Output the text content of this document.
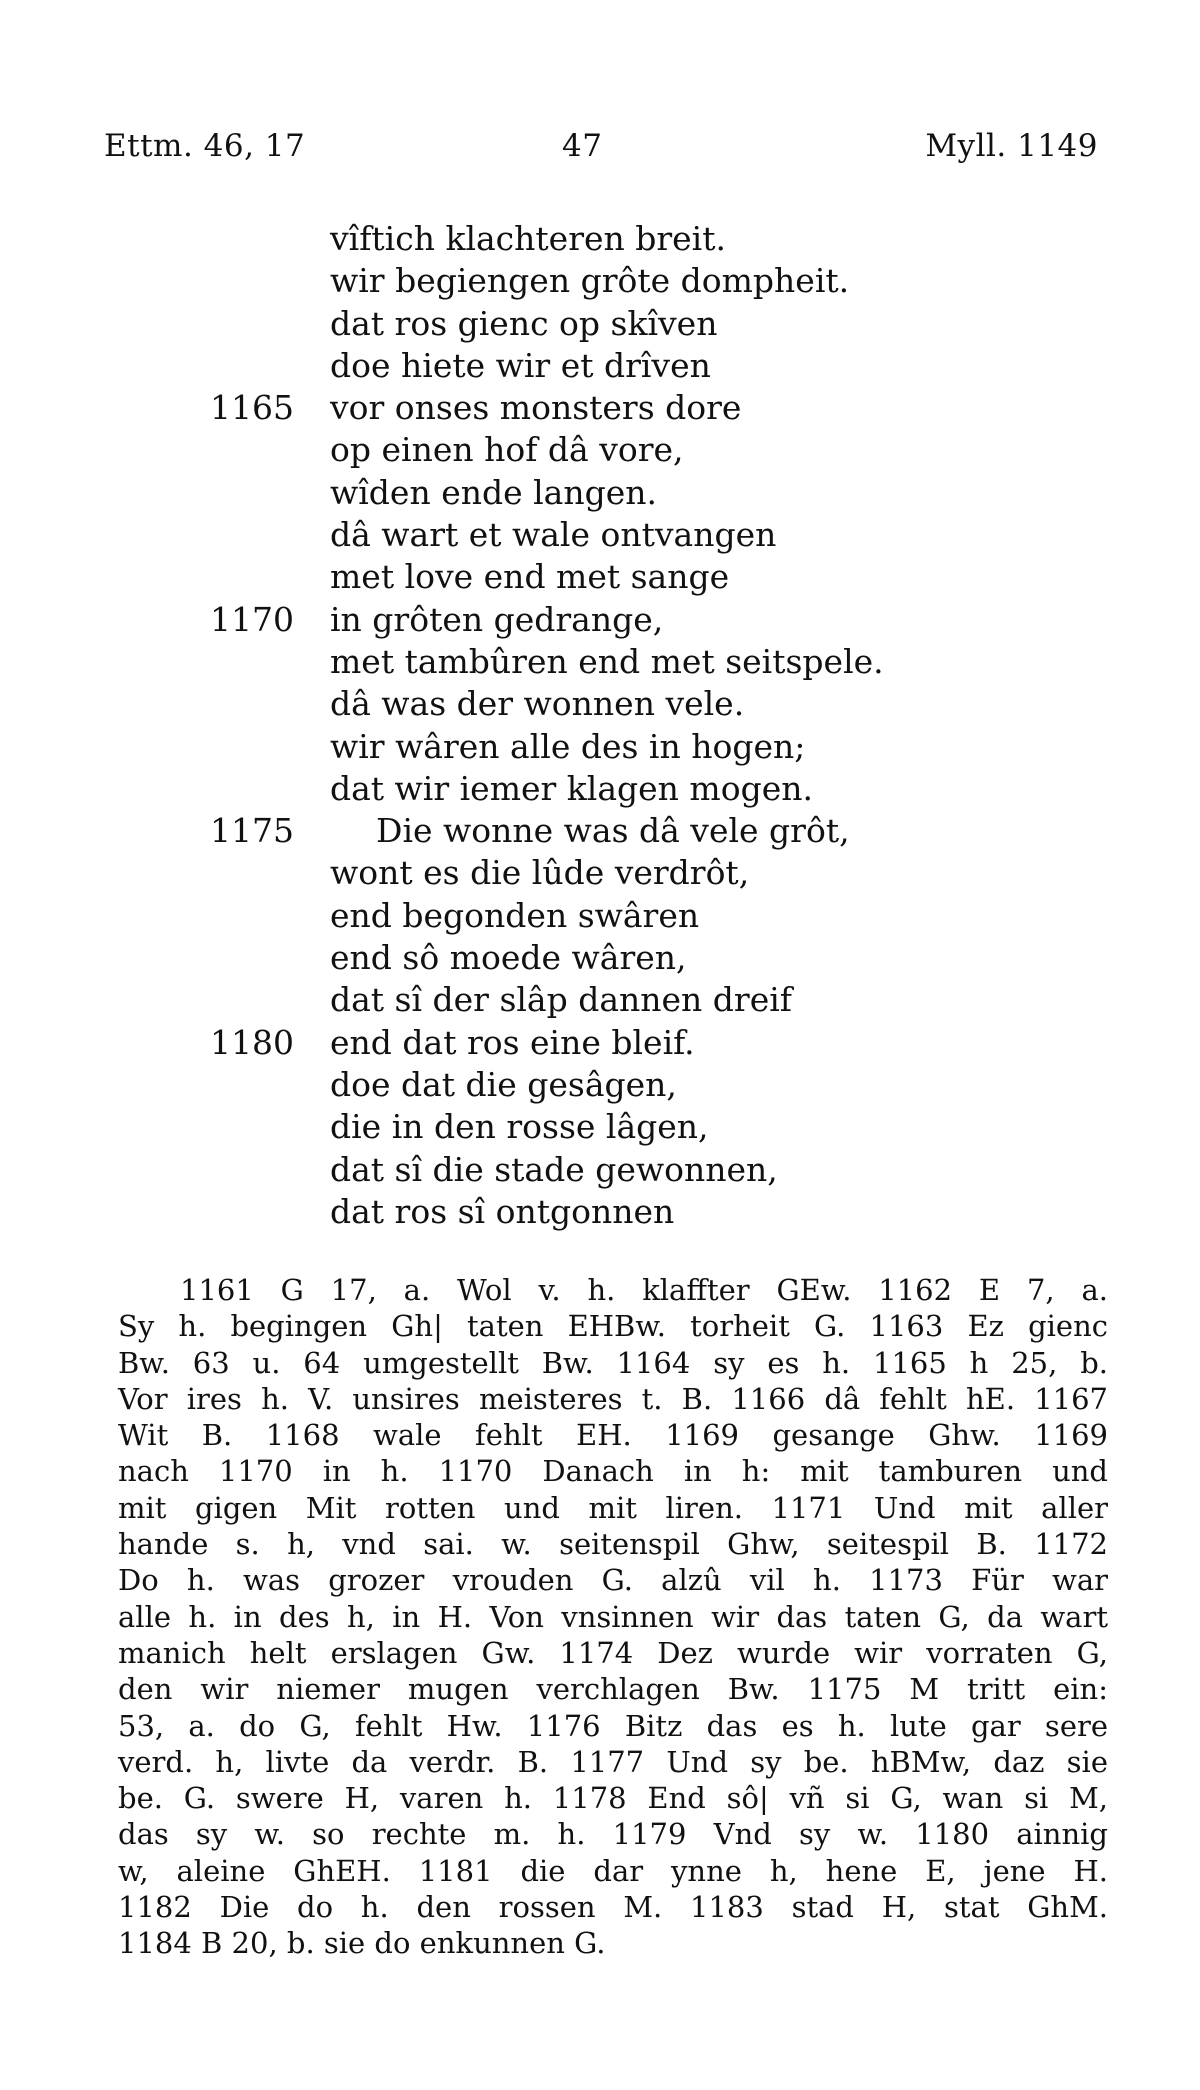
Ettm. 46, 17	47	Myll. 1149
vîftich klachteren breit.
wir begiengen grôte dompheit.
dat ros gienc op skîven
doe hiete wir et drîven
1165	vor onses monsters dore
op einen hof dâ vore,
wîden ende langen.
dâ wart et wale ontvangen
met love end met sange
1170	in grôten gedrange,
met tambûren end met seitspele.
dâ was der wonnen vele.
wir wâren alle des in hogen;
dat wir iemer klagen mogen.
1175	Die wonne was dâ vele grôt,
wont es die lûde verdrôt,
end begonden swâren
end sô moede wâren,
dat sî der slâp dannen dreif
1180	end dat ros eine bleif.
doe dat die gesâgen,
die in den rosse lâgen,
dat sî die stade gewonnen,
dat ros sî ontgonnen
1161 G 17, a. Wol v. h. klaffter GEw. 1162 E 7, a.
Sy h. begingen Gh| taten EHBw. torheit G. 1163 Ez gienc
Bw. 63 u. 64 umgestellt Bw. 1164 sy es h. 1165 h 25, b.
Vor ires h. V. unsires meisteres t. B. 1166 dâ fehlt hE. 1167
Wit B. 1168 wale fehlt EH. 1169 gesange Ghw. 1169
nach 1170 in h. 1170 Danach in h: mit tamburen und
mit gigen Mit rotten und mit liren. 1171 Und mit aller
hande s. h, vnd sai. w. seitenspil Ghw, seitespil B. 1172
Do h. was grozer vrouden G. alzû vil h. 1173 Für war
alle h. in des h, in H. Von vnsinnen wir das taten G, da wart
manich helt erslagen Gw. 1174 Dez wurde wir vorraten G,
den wir niemer mugen verchlagen Bw. 1175 M tritt ein:
53, a. do G, fehlt Hw. 1176 Bitz das es h. lute gar sere
verd. h, livte da verdr. B. 1177 Und sy be. hBMw, daz sie
be. G. swere H, varen h. 1178 End sô| vñ si G, wan si M,
das sy w. so rechte m. h. 1179 Vnd sy w. 1180 ainnig
w, aleine GhEH. 1181 die dar ynne h, hene E, jene H.
1182 Die do h. den rossen M. 1183 stad H, stat GhM.
1184 B 20, b. sie do enkunnen G.
